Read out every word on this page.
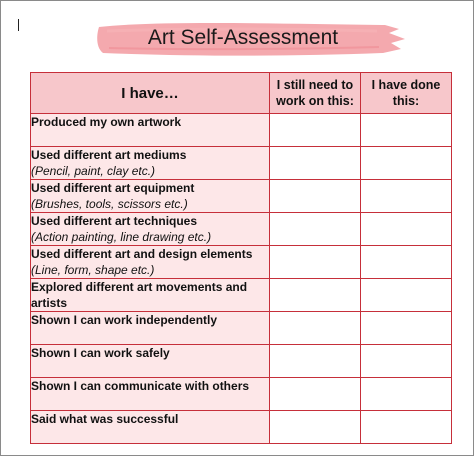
Art Self-Assessment
I have…	I still need to work on this:	I have done this:

Produced my own artwork		

Used different art mediums
(Pencil, paint, clay etc.)		

Used different art equipment
(Brushes, tools, scissors etc.)		

Used different art techniques
(Action painting, line drawing etc.)		

Used different art and design elements
(Line, form, shape etc.)		

Explored different art movements and artists		

Shown I can work independently		

Shown I can work safely		

Shown I can communicate with others		

Said what was successful		
